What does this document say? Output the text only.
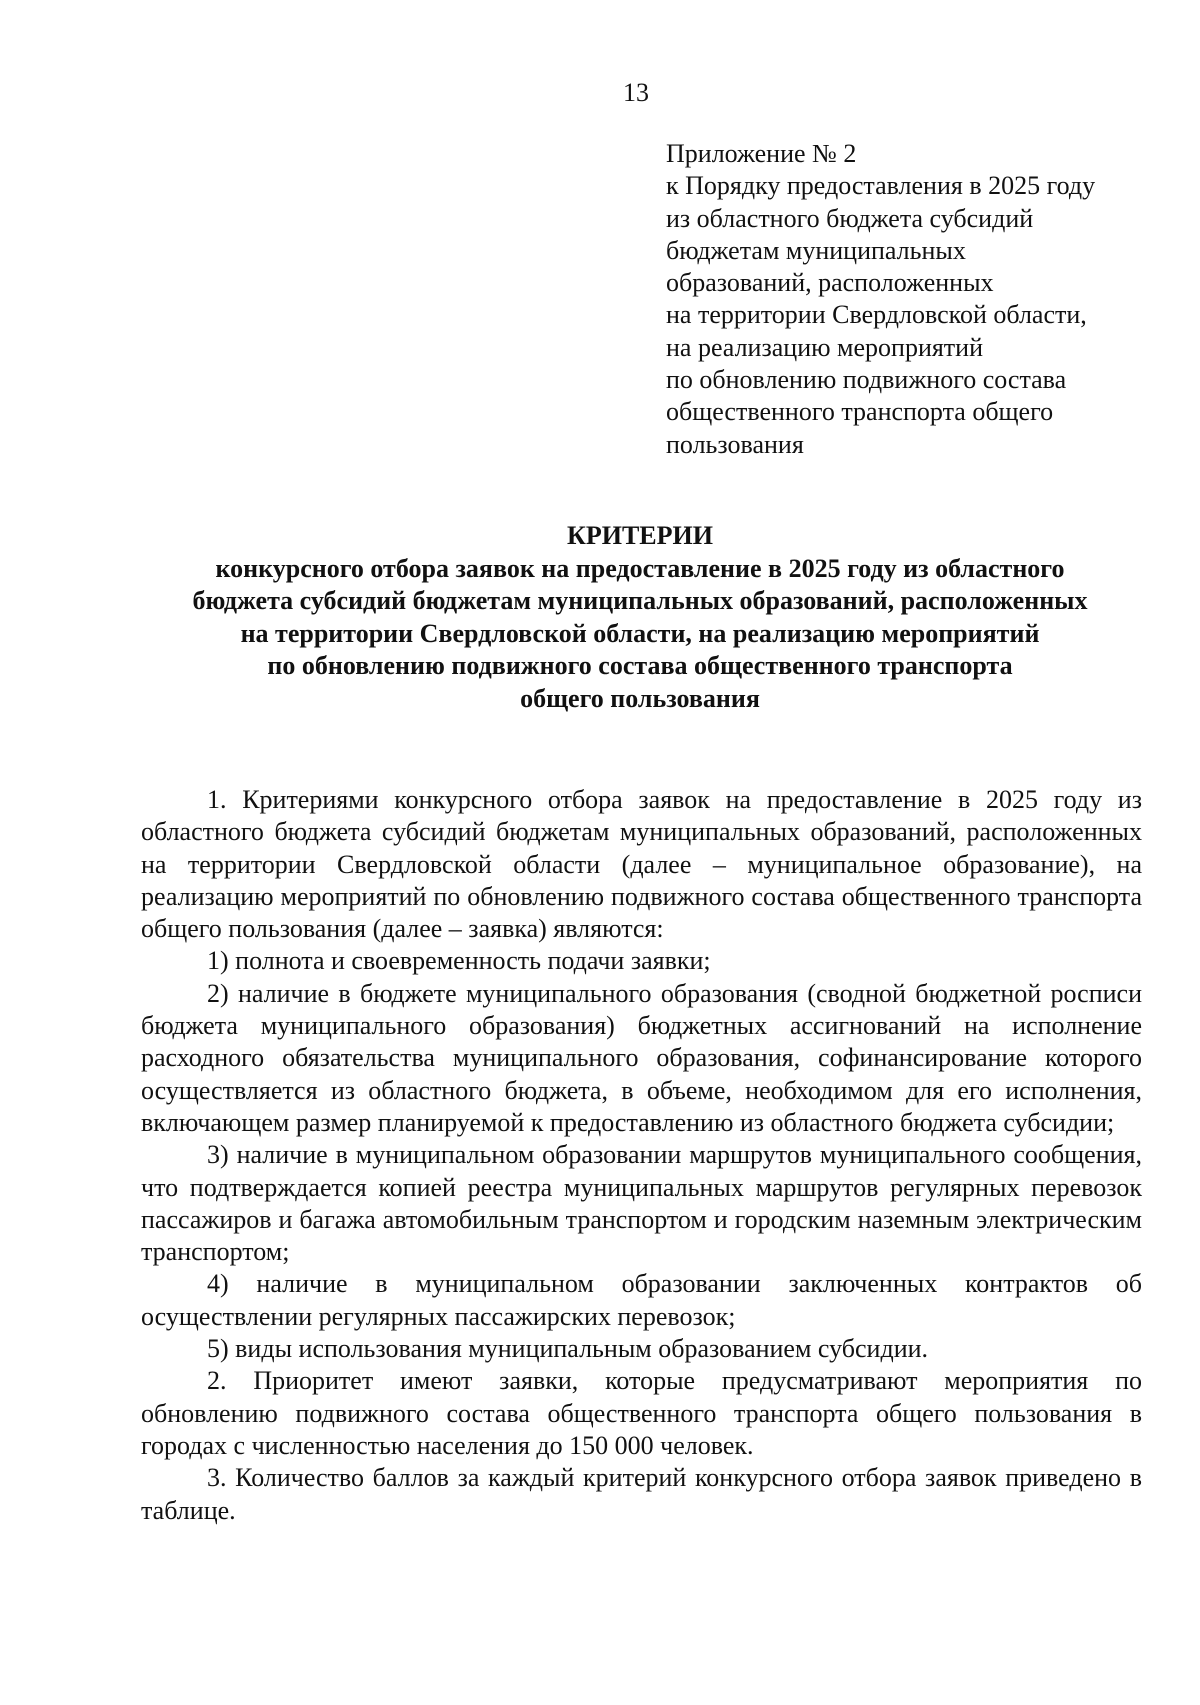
13
Приложение № 2
к Порядку предоставления в 2025 году
из областного бюджета субсидий
бюджетам муниципальных
образований, расположенных
на территории Свердловской области,
на реализацию мероприятий
по обновлению подвижного состава
общественного транспорта общего
пользования
КРИТЕРИИ
конкурсного отбора заявок на предоставление в 2025 году из областного
бюджета субсидий бюджетам муниципальных образований, расположенных
на территории Свердловской области, на реализацию мероприятий
по обновлению подвижного состава общественного транспорта
общего пользования

1. Критериями конкурсного отбора заявок на предоставление в 2025 году из областного бюджета субсидий бюджетам муниципальных образований, расположенных на территории Свердловской области (далее – муниципальное образование), на реализацию мероприятий по обновлению подвижного состава общественного транспорта общего пользования (далее – заявка) являются:

1) полнота и своевременность подачи заявки;

2) наличие в бюджете муниципального образования (сводной бюджетной росписи бюджета муниципального образования) бюджетных ассигнований на исполнение расходного обязательства муниципального образования, софинансирование которого осуществляется из областного бюджета, в объеме, необходимом для его исполнения, включающем размер планируемой к предоставлению из областного бюджета субсидии;

3) наличие в муниципальном образовании маршрутов муниципального сообщения, что подтверждается копией реестра муниципальных маршрутов регулярных перевозок пассажиров и багажа автомобильным транспортом и городским наземным электрическим транспортом;

4) наличие в муниципальном образовании заключенных контрактов об осуществлении регулярных пассажирских перевозок;

5) виды использования муниципальным образованием субсидии.

2. Приоритет имеют заявки, которые предусматривают мероприятия по обновлению подвижного состава общественного транспорта общего пользования в городах с численностью населения до 150 000 человек.

3. Количество баллов за каждый критерий конкурсного отбора заявок приведено в таблице.
